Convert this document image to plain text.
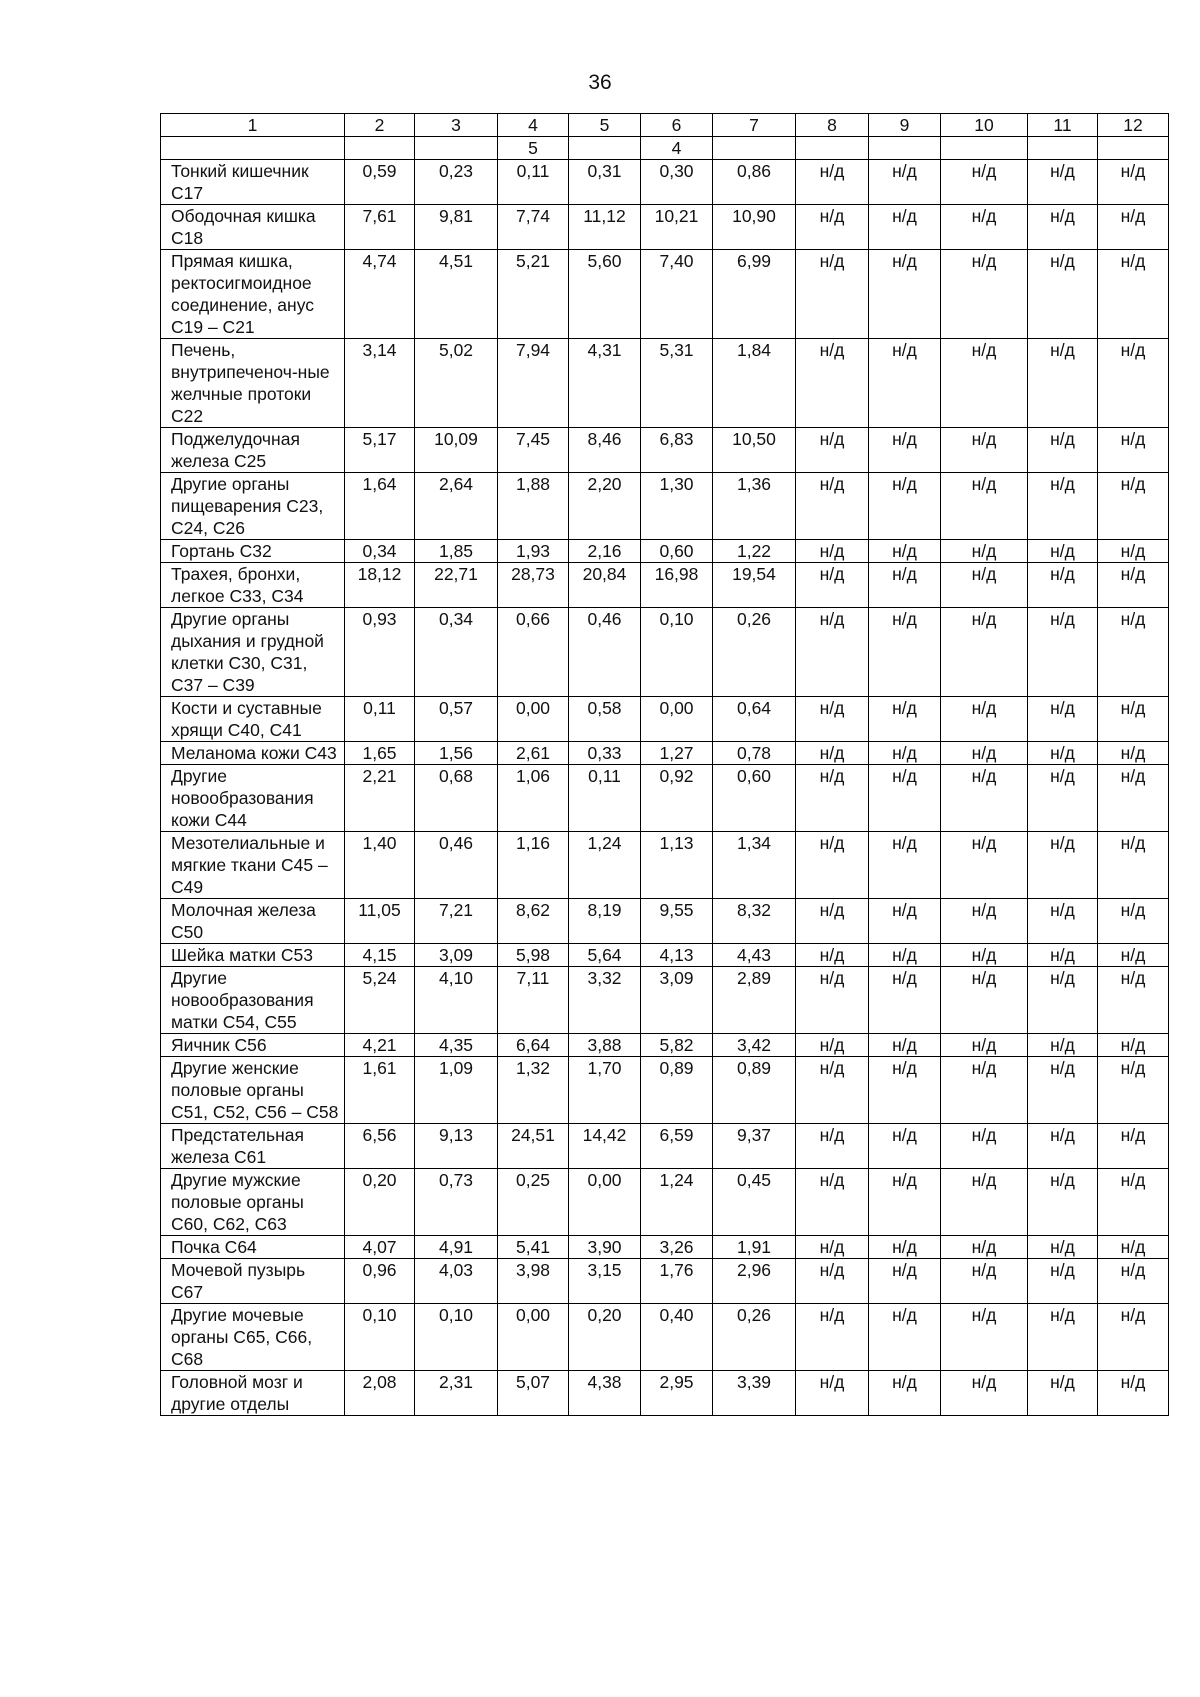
36
1	2	3	4	5	6	7	8	9	10	11	12
			5		4						
Тонкий кишечник С17	0,59	0,23	0,11	0,31	0,30	0,86	н/д	н/д	н/д	н/д	н/д
Ободочная кишка С18	7,61	9,81	7,74	11,12	10,21	10,90	н/д	н/д	н/д	н/д	н/д
Прямая кишка, ректосигмоидное соединение, анус С19 – С21	4,74	4,51	5,21	5,60	7,40	6,99	н/д	н/д	н/д	н/д	н/д
Печень, внутрипеченоч-ные желчные протоки С22	3,14	5,02	7,94	4,31	5,31	1,84	н/д	н/д	н/д	н/д	н/д
Поджелудочная железа С25	5,17	10,09	7,45	8,46	6,83	10,50	н/д	н/д	н/д	н/д	н/д
Другие органы пищеварения С23, С24, С26	1,64	2,64	1,88	2,20	1,30	1,36	н/д	н/д	н/д	н/д	н/д
Гортань С32	0,34	1,85	1,93	2,16	0,60	1,22	н/д	н/д	н/д	н/д	н/д
Трахея, бронхи, легкое С33, С34	18,12	22,71	28,73	20,84	16,98	19,54	н/д	н/д	н/д	н/д	н/д
Другие органы дыхания и грудной клетки С30, С31, С37 – С39	0,93	0,34	0,66	0,46	0,10	0,26	н/д	н/д	н/д	н/д	н/д
Кости и суставные хрящи С40, С41	0,11	0,57	0,00	0,58	0,00	0,64	н/д	н/д	н/д	н/д	н/д
Меланома кожи С43	1,65	1,56	2,61	0,33	1,27	0,78	н/д	н/д	н/д	н/д	н/д
Другие новообразования кожи С44	2,21	0,68	1,06	0,11	0,92	0,60	н/д	н/д	н/д	н/д	н/д
Мезотелиальные и мягкие ткани С45 – С49	1,40	0,46	1,16	1,24	1,13	1,34	н/д	н/д	н/д	н/д	н/д
Молочная железа С50	11,05	7,21	8,62	8,19	9,55	8,32	н/д	н/д	н/д	н/д	н/д
Шейка матки С53	4,15	3,09	5,98	5,64	4,13	4,43	н/д	н/д	н/д	н/д	н/д
Другие новообразования матки С54, С55	5,24	4,10	7,11	3,32	3,09	2,89	н/д	н/д	н/д	н/д	н/д
Яичник С56	4,21	4,35	6,64	3,88	5,82	3,42	н/д	н/д	н/д	н/д	н/д
Другие женские половые органы С51, С52, С56 – С58	1,61	1,09	1,32	1,70	0,89	0,89	н/д	н/д	н/д	н/д	н/д
Предстательная железа С61	6,56	9,13	24,51	14,42	6,59	9,37	н/д	н/д	н/д	н/д	н/д
Другие мужские половые органы С60, С62, С63	0,20	0,73	0,25	0,00	1,24	0,45	н/д	н/д	н/д	н/д	н/д
Почка С64	4,07	4,91	5,41	3,90	3,26	1,91	н/д	н/д	н/д	н/д	н/д
Мочевой пузырь С67	0,96	4,03	3,98	3,15	1,76	2,96	н/д	н/д	н/д	н/д	н/д
Другие мочевые органы С65, С66, С68	0,10	0,10	0,00	0,20	0,40	0,26	н/д	н/д	н/д	н/д	н/д
Головной мозг и другие отделы	2,08	2,31	5,07	4,38	2,95	3,39	н/д	н/д	н/д	н/д	н/д
